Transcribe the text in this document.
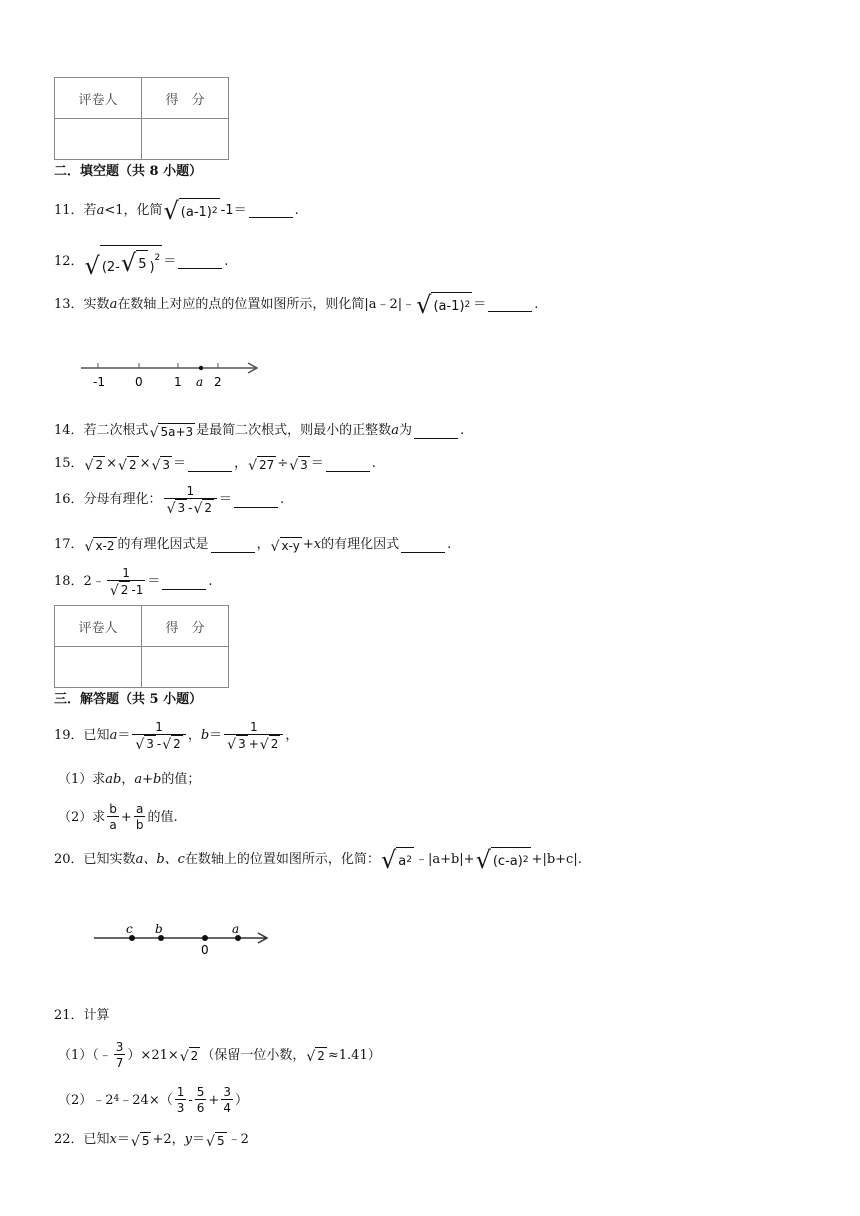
评卷人	得　分

二．填空题（共 8 小题）
11． 若 a <1，化简 √ $(a-1)^2$ -1＝	.
12． √ (2- √ 5 )$^2$ ＝	.
13． 实数 a 在数轴上对应的点的位置如图所示，则化简 |a﹣2|﹣ √ $(a-1)^2$ ＝	.
-1	0	1 a 2
14． 若二次根式 √ 5a+3 是最简二次根式，则最小的正整数 a 为	.
15． √ 2 × √ 2 × √ 3 ＝	， √ 27 ÷ √ 3 ＝	.
16． 分母有理化： $\frac{1}{√ 3 - √ 2}$ ＝	.
17． √ x-2 的有理化因式是	， √ x-y + x 的有理化因式	.
18． 2﹣ $\frac{1}{√ 2 -1}$ ＝	.
评卷人	得　分

三．解答题（共 5 小题）
19． 已知 $a = \frac{1}{√ 3 - √ 2}$ ， $b = \frac{1}{√ 3 + √ 2}$ ，
（1）求 ab ， a+b 的值；
（2）求 $\frac{b}{a} + \frac{a}{b}$ 的值.
20． 已知实数 a、b、c 在数轴上的位置如图所示，化简： √ $a^2$ ﹣|a+b|+ √ $(c-a)^2 +|b+c|$ .
c b
0
a
21． 计算
（1）（﹣ $\frac{3}{7} )\times 21\times$ √ 2 （保留一位小数， √ 2 ≈1.41）
$(2)﹣2^4$ ﹣24×（ $\frac{1}{3} - \frac{5}{6} + \frac{3}{4}$ ）
22． 已知 x ＝ √ 5 +2， y ＝ √ 5 ﹣2
